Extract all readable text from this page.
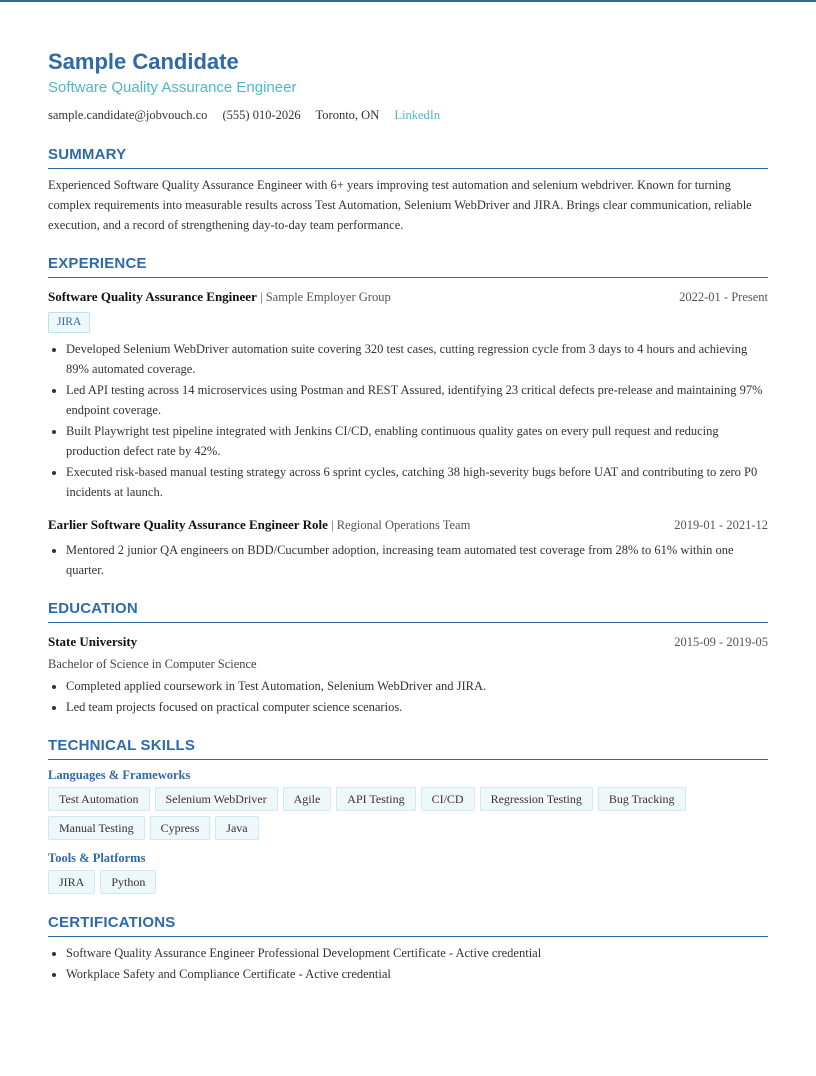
Sample Candidate
Software Quality Assurance Engineer
sample.candidate@jobvouch.co (555) 010-2026 Toronto, ON LinkedIn
SUMMARY
Experienced Software Quality Assurance Engineer with 6+ years improving test automation and selenium webdriver. Known for turning complex requirements into measurable results across Test Automation, Selenium WebDriver and JIRA. Brings clear communication, reliable execution, and a record of strengthening day-to-day team performance.
EXPERIENCE
Software Quality Assurance Engineer | Sample Employer Group	2022-01 - Present
JIRA
• Developed Selenium WebDriver automation suite covering 320 test cases, cutting regression cycle from 3 days to 4 hours and achieving 89% automated coverage.
• Led API testing across 14 microservices using Postman and REST Assured, identifying 23 critical defects pre-release and maintaining 97% endpoint coverage.
• Built Playwright test pipeline integrated with Jenkins CI/CD, enabling continuous quality gates on every pull request and reducing production defect rate by 42%.
• Executed risk-based manual testing strategy across 6 sprint cycles, catching 38 high-severity bugs before UAT and contributing to zero P0 incidents at launch.
Earlier Software Quality Assurance Engineer Role | Regional Operations Team	2019-01 - 2021-12
• Mentored 2 junior QA engineers on BDD/Cucumber adoption, increasing team automated test coverage from 28% to 61% within one quarter.
EDUCATION
State University	2015-09 - 2019-05
Bachelor of Science in Computer Science
• Completed applied coursework in Test Automation, Selenium WebDriver and JIRA.
• Led team projects focused on practical computer science scenarios.
TECHNICAL SKILLS
Languages & Frameworks
Test Automation	Selenium WebDriver	Agile	API Testing	CI/CD	Regression Testing	Bug Tracking
Manual Testing	Cypress	Java
Tools & Platforms
JIRA	Python
CERTIFICATIONS
• Software Quality Assurance Engineer Professional Development Certificate - Active credential
• Workplace Safety and Compliance Certificate - Active credential
